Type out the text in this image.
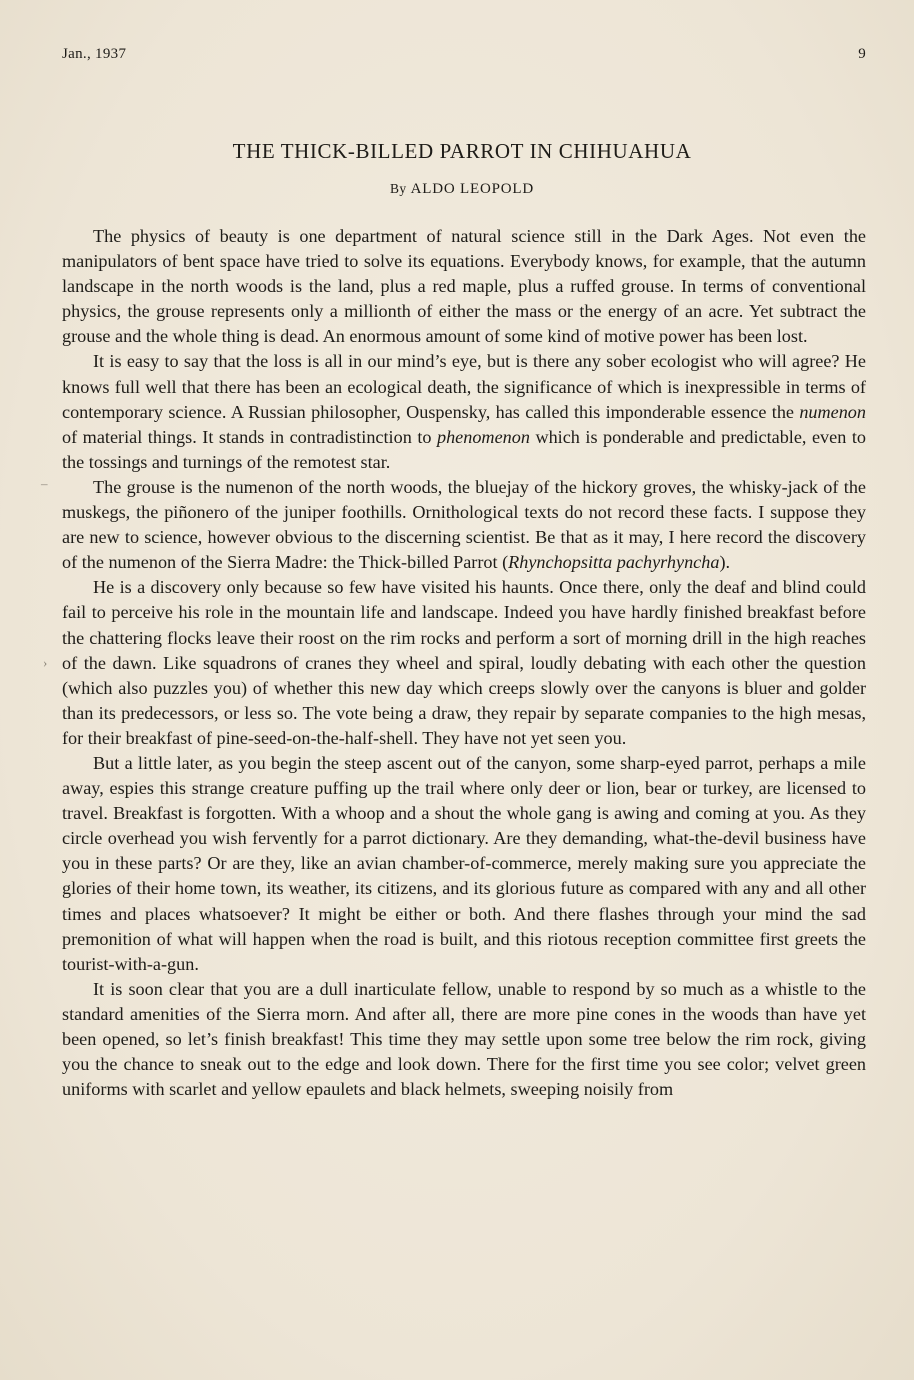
Jan., 1937	9
THE THICK-BILLED PARROT IN CHIHUAHUA
By ALDO LEOPOLD
–
›

The physics of beauty is one department of natural science still in the Dark Ages. Not even the manipulators of bent space have tried to solve its equations. Everybody knows, for example, that the autumn landscape in the north woods is the land, plus a red maple, plus a ruffed grouse. In terms of conventional physics, the grouse represents only a millionth of either the mass or the energy of an acre. Yet subtract the grouse and the whole thing is dead. An enormous amount of some kind of motive power has been lost.

It is easy to say that the loss is all in our mind’s eye, but is there any sober ecologist who will agree? He knows full well that there has been an ecological death, the significance of which is inexpressible in terms of contemporary science. A Russian philosopher, Ouspensky, has called this imponderable essence the numenon of material things. It stands in contradistinction to phenomenon which is ponderable and predictable, even to the tossings and turnings of the remotest star.

The grouse is the numenon of the north woods, the bluejay of the hickory groves, the whisky-jack of the muskegs, the piñonero of the juniper foothills. Ornithological texts do not record these facts. I suppose they are new to science, however obvious to the discerning scientist. Be that as it may, I here record the discovery of the numenon of the Sierra Madre: the Thick-billed Parrot (Rhynchopsitta pachyrhyncha).

He is a discovery only because so few have visited his haunts. Once there, only the deaf and blind could fail to perceive his role in the mountain life and landscape. Indeed you have hardly finished breakfast before the chattering flocks leave their roost on the rim rocks and perform a sort of morning drill in the high reaches of the dawn. Like squadrons of cranes they wheel and spiral, loudly debating with each other the question (which also puzzles you) of whether this new day which creeps slowly over the canyons is bluer and golder than its predecessors, or less so. The vote being a draw, they repair by separate companies to the high mesas, for their breakfast of pine-seed-on-the-half-shell. They have not yet seen you.

But a little later, as you begin the steep ascent out of the canyon, some sharp-eyed parrot, perhaps a mile away, espies this strange creature puffing up the trail where only deer or lion, bear or turkey, are licensed to travel. Breakfast is forgotten. With a whoop and a shout the whole gang is awing and coming at you. As they circle overhead you wish fervently for a parrot dictionary. Are they demanding, what-the-devil business have you in these parts? Or are they, like an avian chamber-of-commerce, merely making sure you appreciate the glories of their home town, its weather, its citizens, and its glorious future as compared with any and all other times and places whatsoever? It might be either or both. And there flashes through your mind the sad premonition of what will happen when the road is built, and this riotous reception committee first greets the tourist-with-a-gun.

It is soon clear that you are a dull inarticulate fellow, unable to respond by so much as a whistle to the standard amenities of the Sierra morn. And after all, there are more pine cones in the woods than have yet been opened, so let’s finish breakfast! This time they may settle upon some tree below the rim rock, giving you the chance to sneak out to the edge and look down. There for the first time you see color; velvet green uniforms with scarlet and yellow epaulets and black helmets, sweeping noisily from
